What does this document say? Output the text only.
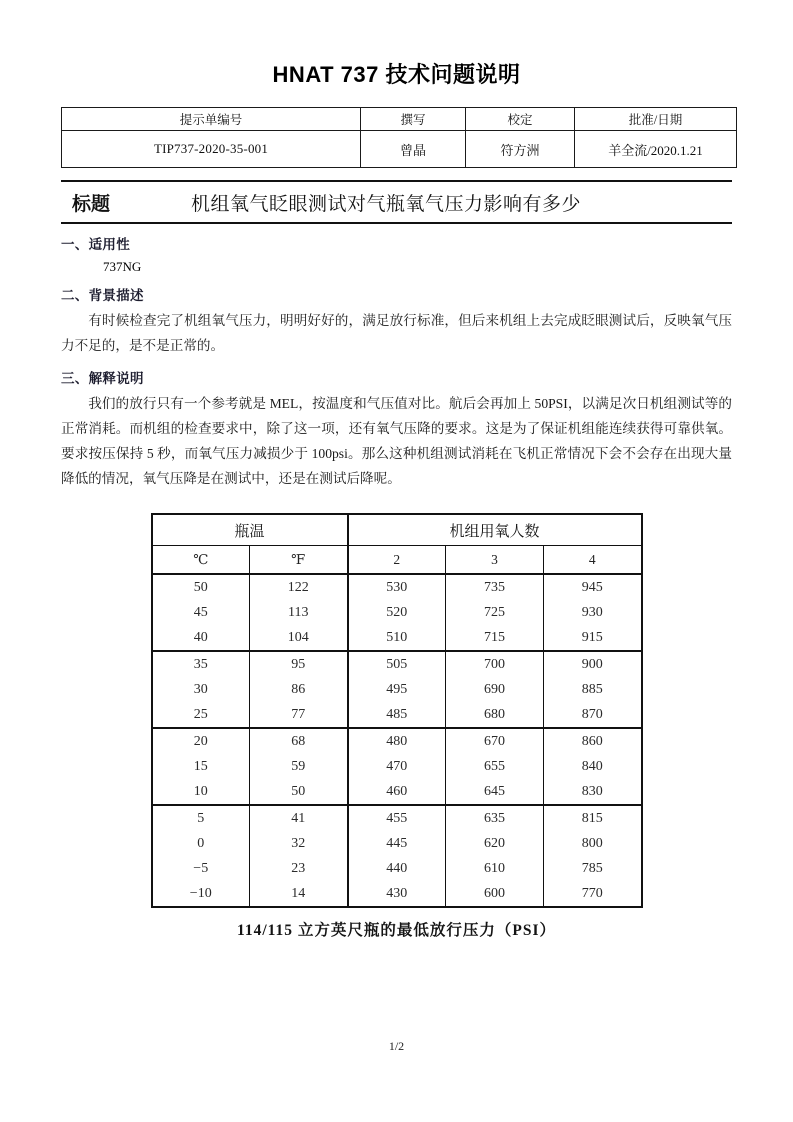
HNAT 737 技术问题说明
提示单编号	撰写	校定	批准/日期
TIP737-2020-35-001	曾晶	符方洲	羊全流/2020.1.21
标题	机组氧气眨眼测试对气瓶氧气压力影响有多少
一、适用性
737NG
二、背景描述

有时候检查完了机组氧气压力，明明好好的，满足放行标准，但后来机组上去完成眨眼测试后，反映氧气压力不足的，是不是正常的。

三、解释说明

我们的放行只有一个参考就是 MEL，按温度和气压值对比。航后会再加上 50PSI，以满足次日机组测试等的正常消耗。而机组的检查要求中，除了这一项，还有氧气压降的要求。这是为了保证机组能连续获得可靠供氧。要求按压保持 5 秒，而氧气压力减损少于 100psi。那么这种机组测试消耗在飞机正常情况下会不会存在出现大量降低的情况，氧气压降是在测试中，还是在测试后降呢。

瓶温		机组用氧人数		
℃	℉	2	3	4
50	122	530	735	945
45	113	520	725	930
40	104	510	715	915
35	95	505	700	900
30	86	495	690	885
25	77	485	680	870
20	68	480	670	860
15	59	470	655	840
10	50	460	645	830
5	41	455	635	815
0	32	445	620	800
−5	23	440	610	785
−10	14	430	600	770
114/115 立方英尺瓶的最低放行压力（PSI）
1/2
